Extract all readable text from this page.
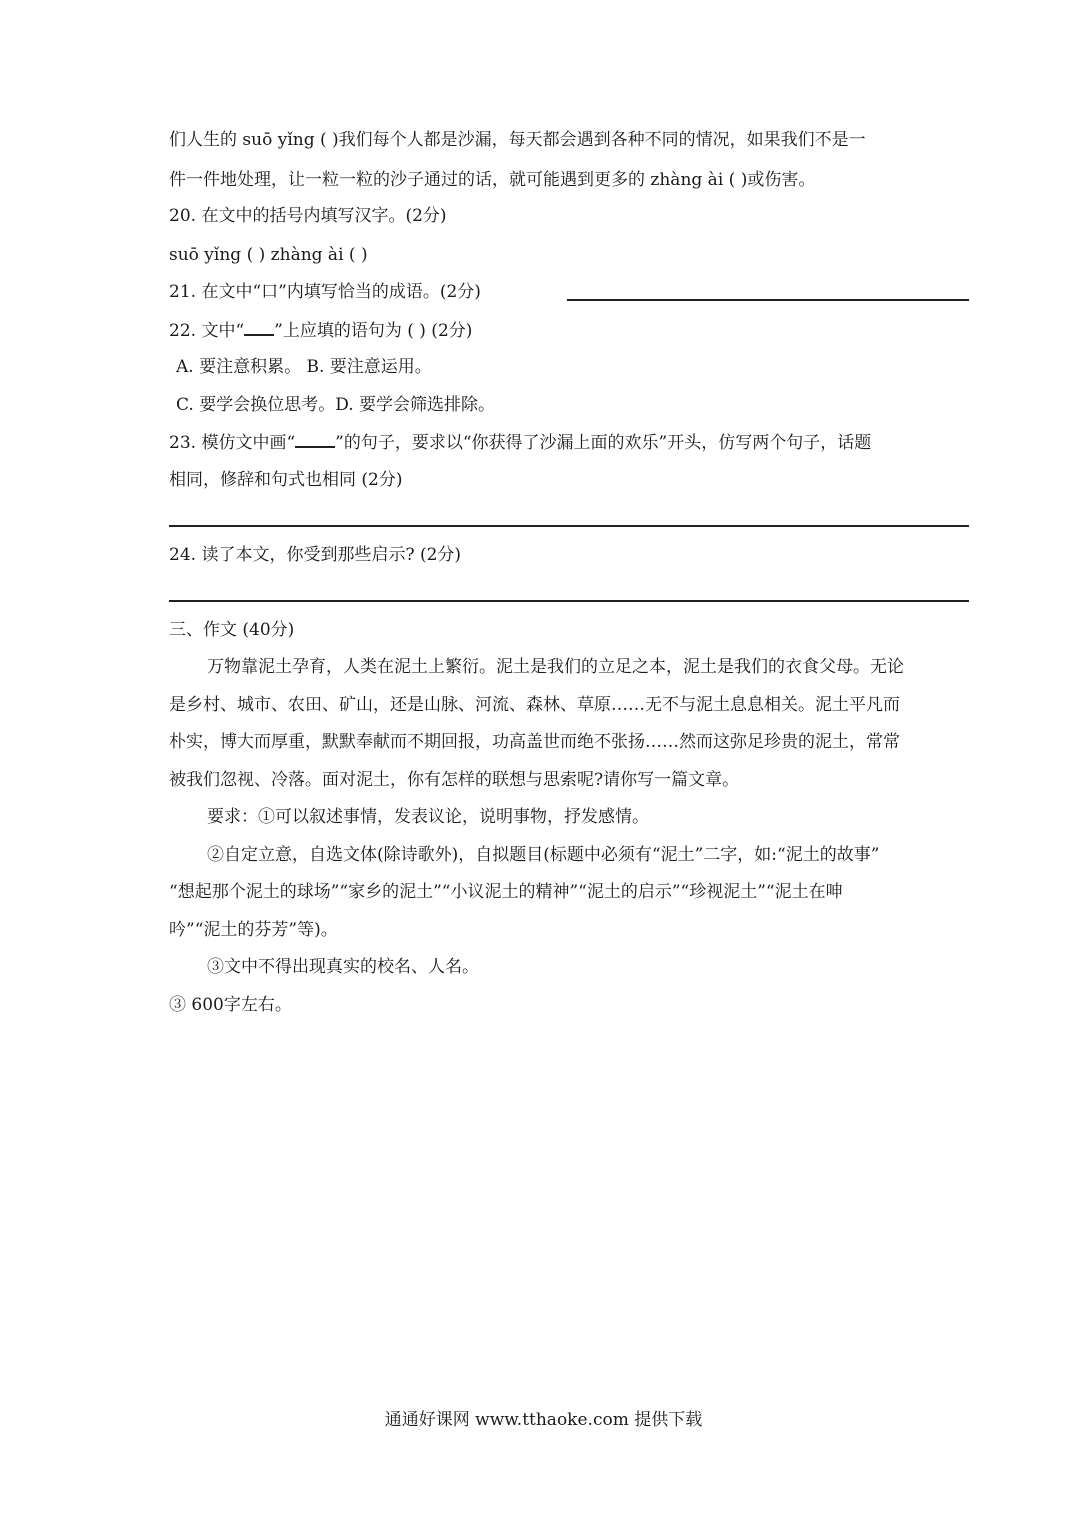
们人生的 suō yǐng ( )我们每个人都是沙漏，每天都会遇到各种不同的情况，如果我们不是一
件一件地处理，让一粒一粒的沙子通过的话，就可能遇到更多的 zhàng ài ( )或伤害。
20. 在文中的括号内填写汉字。(2分)
suō yǐng ( ) zhàng ài ( )
21. 在文中“口”内填写恰当的成语。(2分)
22. 文中“ ”上应填的语句为 ( ) (2分)
A. 要注意积累。 B. 要注意运用。
C. 要学会换位思考。D. 要学会筛选排除。
23. 模仿文中画“ ”的句子，要求以“你获得了沙漏上面的欢乐”开头，仿写两个句子，话题
相同，修辞和句式也相同 (2分)
24. 读了本文，你受到那些启示? (2分)
三、作文 (40分)
万物靠泥土孕育，人类在泥土上繁衍。泥土是我们的立足之本，泥土是我们的衣食父母。无论
是乡村、城市、农田、矿山，还是山脉、河流、森林、草原……无不与泥土息息相关。泥土平凡而
朴实，博大而厚重，默默奉献而不期回报，功高盖世而绝不张扬……然而这弥足珍贵的泥土，常常
被我们忽视、冷落。面对泥土，你有怎样的联想与思索呢?请你写一篇文章。
要求：①可以叙述事情，发表议论，说明事物，抒发感情。
②自定立意，自选文体(除诗歌外)，自拟题目(标题中必须有“泥土”二字，如:“泥土的故事”
“想起那个泥土的球场”“家乡的泥土”“小议泥土的精神”“泥土的启示”“珍视泥土”“泥土在呻
吟”“泥土的芬芳”等)。
③文中不得出现真实的校名、人名。
③ 600字左右。
通通好课网 www.tthaoke.com 提供下载
